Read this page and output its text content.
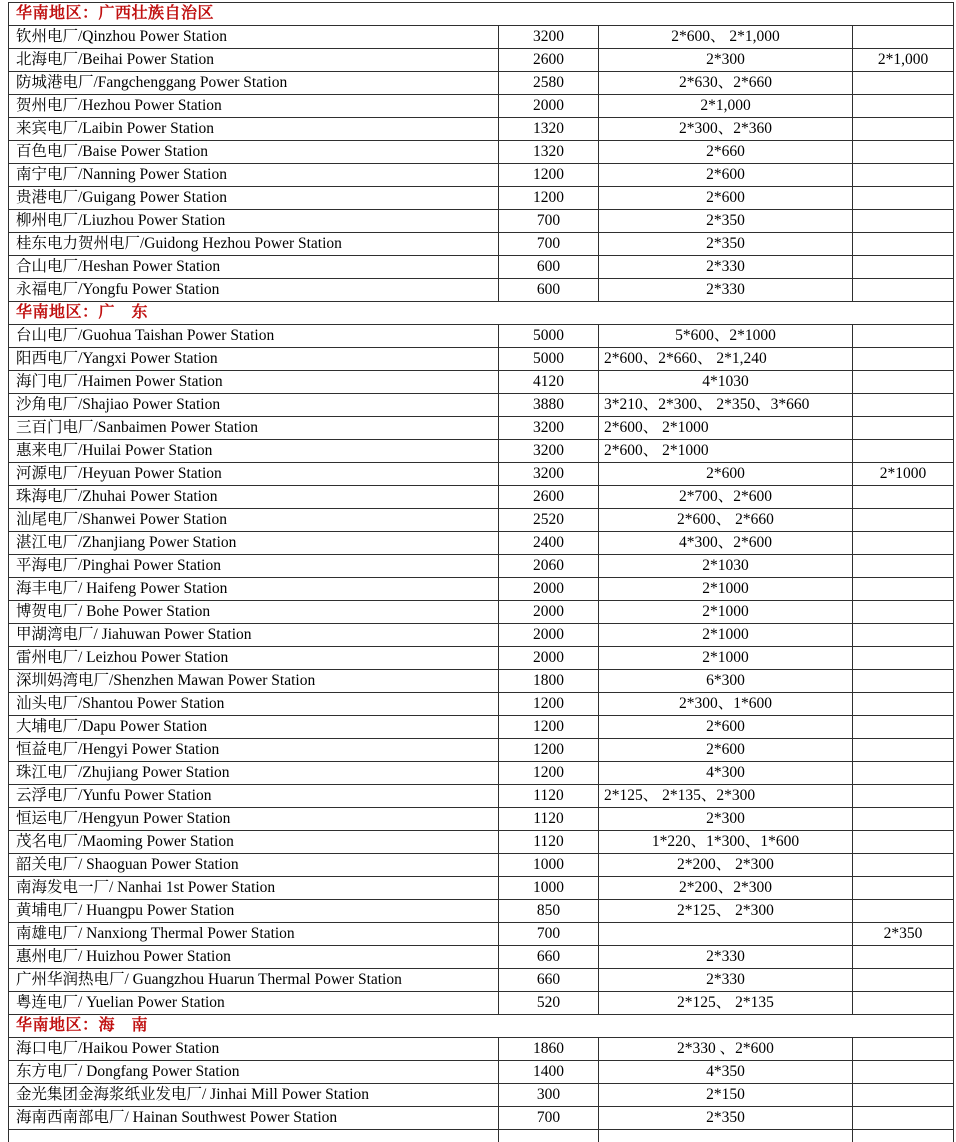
华南地区：广西壮族自治区			
钦州电厂/Qinzhou Power Station	3200	2*600、 2*1,000	
北海电厂/Beihai Power Station	2600	2*300	2*1,000
防城港电厂/Fangchenggang Power Station	2580	2*630、2*660	
贺州电厂/Hezhou Power Station	2000	2*1,000	
来宾电厂/Laibin Power Station	1320	2*300、2*360	
百色电厂/Baise Power Station	1320	2*660	
南宁电厂/Nanning Power Station	1200	2*600	
贵港电厂/Guigang Power Station	1200	2*600	
柳州电厂/Liuzhou Power Station	700	2*350	
桂东电力贺州电厂/Guidong Hezhou Power Station	700	2*350	
合山电厂/Heshan Power Station	600	2*330	
永福电厂/Yongfu Power Station	600	2*330	
华南地区：广　东			
台山电厂/Guohua Taishan Power Station	5000	5*600、2*1000	
阳西电厂/Yangxi Power Station	5000	2*600、2*660、 2*1,240	
海门电厂/Haimen Power Station	4120	4*1030	
沙角电厂/Shajiao Power Station	3880	3*210、2*300、 2*350、3*660	
三百门电厂/Sanbaimen Power Station	3200	2*600、 2*1000	
惠来电厂/Huilai Power Station	3200	2*600、 2*1000	
河源电厂/Heyuan Power Station	3200	2*600	2*1000
珠海电厂/Zhuhai Power Station	2600	2*700、2*600	
汕尾电厂/Shanwei Power Station	2520	2*600、 2*660	
湛江电厂/Zhanjiang Power Station	2400	4*300、2*600	
平海电厂/Pinghai Power Station	2060	2*1030	
海丰电厂/ Haifeng Power Station	2000	2*1000	
博贺电厂/ Bohe Power Station	2000	2*1000	
甲湖湾电厂/ Jiahuwan Power Station	2000	2*1000	
雷州电厂/ Leizhou Power Station	2000	2*1000	
深圳妈湾电厂/Shenzhen Mawan Power Station	1800	6*300	
汕头电厂/Shantou Power Station	1200	2*300、1*600	
大埔电厂/Dapu Power Station	1200	2*600	
恒益电厂/Hengyi Power Station	1200	2*600	
珠江电厂/Zhujiang Power Station	1200	4*300	
云浮电厂/Yunfu Power Station	1120	2*125、 2*135、2*300	
恒运电厂/Hengyun Power Station	1120	2*300	
茂名电厂/Maoming Power Station	1120	1*220、1*300、1*600	
韶关电厂/ Shaoguan Power Station	1000	2*200、 2*300	
南海发电一厂/ Nanhai 1st Power Station	1000	2*200、2*300	
黄埔电厂/ Huangpu Power Station	850	2*125、 2*300	
南雄电厂/ Nanxiong Thermal Power Station	700		2*350
惠州电厂/ Huizhou Power Station	660	2*330	
广州华润热电厂/ Guangzhou Huarun Thermal Power Station	660	2*330	
粤连电厂/ Yuelian Power Station	520	2*125、 2*135	
华南地区：海　南			
海口电厂/Haikou Power Station	1860	2*330 、2*600	
东方电厂/ Dongfang Power Station	1400	4*350	
金光集团金海浆纸业发电厂/ Jinhai Mill Power Station	300	2*150	
海南西南部电厂/ Hainan Southwest Power Station	700	2*350	
